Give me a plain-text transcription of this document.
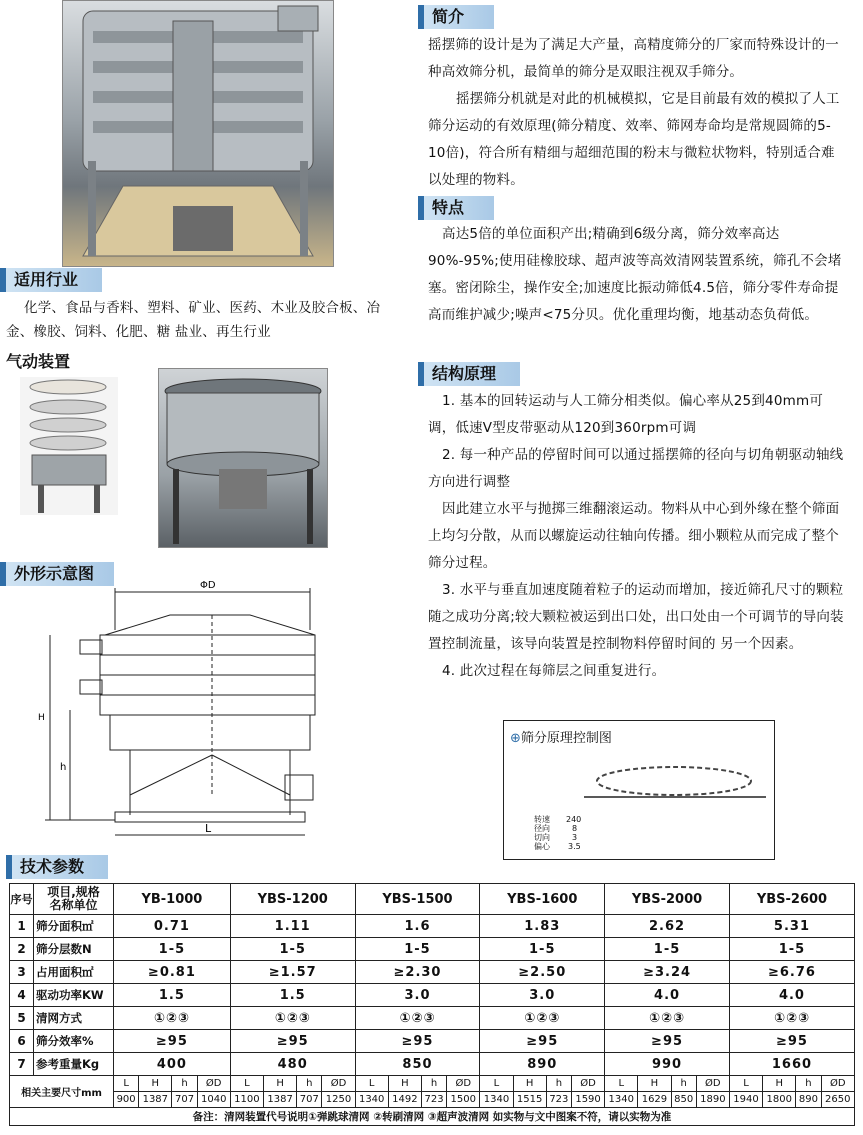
适用行业
化学、食品与香料、塑料、矿业、医药、木业及胶合板、冶金、橡胶、饲料、化肥、糖 盐业、再生行业
气动装置
外形示意图
ΦD
H
h
L
简介

摇摆筛的设计是为了满足大产量，高精度筛分的厂家而特殊设计的一种高效筛分机，最简单的筛分是双眼注视双手筛分。

摇摆筛分机就是对此的机械模拟，它是目前最有效的模拟了人工筛分运动的有效原理(筛分精度、效率、筛网寿命均是常规圆筛的5-10倍)，符合所有精细与超细范围的粉末与微粒状物料，特别适合难以处理的物料。

特点
高达5倍的单位面积产出;精确到6级分离，筛分效率高达90%-95%;使用硅橡胶球、超声波等高效清网装置系统，筛孔不会堵塞。密闭除尘，操作安全;加速度比振动筛低4.5倍，筛分零件寿命提高而维护减少;噪声<75分贝。优化重理均衡，地基动态负荷低。
结构原理

1. 基本的回转运动与人工筛分相类似。偏心率从25到40mm可调，低速V型皮带驱动从120到360rpm可调

2. 每一种产品的停留时间可以通过摇摆筛的径向与切角朝驱动轴线方向进行调整

因此建立水平与抛掷三维翻滚运动。物料从中心到外缘在整个筛面上均匀分散，从而以螺旋运动往轴向传播。细小颗粒从而完成了整个筛分过程。

3. 水平与垂直加速度随着粒子的运动而增加，接近筛孔尺寸的颗粒随之成功分离;较大颗粒被运到出口处，出口处由一个可调节的导向装置控制流量，该导向装置是控制物料停留时间的 另一个因素。

4. 此次过程在每筛层之间重复进行。

⊕筛分原理控制图
转速 240
径向	8
切向	3
偏心 3.5
技术参数
序号	项目,规格
名称单位	YB-1000				YBS-1200				YBS-1500				YBS-1600				YBS-2000				YBS-2600			
1	筛分面积㎡	0.71				1.11				1.6				1.83				2.62				5.31			
2	筛分层数N	1-5				1-5				1-5				1-5				1-5				1-5			
3	占用面积㎡	≥0.81				≥1.57				≥2.30				≥2.50				≥3.24				≥6.76			
4	驱动功率KW	1.5				1.5				3.0				3.0				4.0				4.0			
5	清网方式	①②③				①②③				①②③				①②③				①②③				①②③			
6	筛分效率%	≥95				≥95				≥95				≥95				≥95				≥95			
7	参考重量Kg	400				480				850				890				990				1660			
相关主要尺寸mm		L	H	h	ØD	L	H	h	ØD	L	H	h	ØD	L	H	h	ØD	L	H	h	ØD	L	H	h	ØD
		900	1387	707	1040	1100	1387	707	1250	1340	1492	723	1500	1340	1515	723	1590	1340	1629	850	1890	1940	1800	890	2650
备注：清网装置代号说明①弹跳球清网 ②转刷清网 ③超声波清网 如实物与文中图案不符，请以实物为准																									
